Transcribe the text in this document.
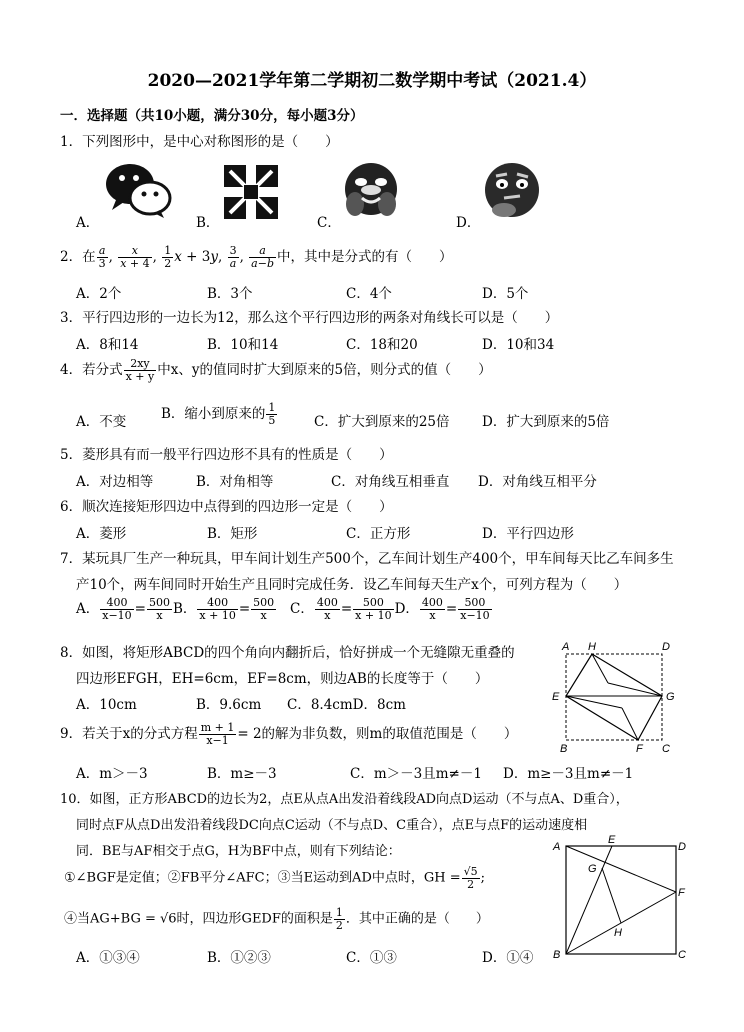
2020—2021学年第二学期初二数学期中考试（2021.4）
一．选择题（共10小题，满分30分，每小题3分）
1．下列图形中，是中心对称图形的是（　　）
A．	B．	C．	D．
2．在 $\frac{a}{3}$ , $\frac{x}{x + 4}$ , $\frac{1}{2}$ x + 3y, $\frac{3}{a}$ , $\frac{a}{a-b}$ 中，其中是分式的有（　　）
A．2个	B．3个	C．4个	D．5个
3．平行四边形的一边长为12，那么这个平行四边形的两条对角线长可以是（　　）
A．8和14	B．10和14	C．18和20	D．10和34
4．若分式 $\frac{2xy}{x + y}$ 中x、y的值同时扩大到原来的5倍，则分式的值（　　）
A．不变	B．缩小到原来的 $\frac{1}{5}$	C．扩大到原来的25倍 D．扩大到原来的5倍
5．菱形具有而一般平行四边形不具有的性质是（　　）
A．对边相等	B．对角相等	C．对角线互相垂直 D．对角线互相平分
6．顺次连接矩形四边中点得到的四边形一定是（　　）
A．菱形	B．矩形	C．正方形	D．平行四边形
7．某玩具厂生产一种玩具，甲车间计划生产500个，乙车间计划生产400个，甲车间每天比乙车间多生
产10个，两车间同时开始生产且同时完成任务．设乙车间每天生产x个，可列方程为（　　）
A． $\frac{400}{x-10} = \frac{500}{x}$ B． $\frac{400}{x + 10} = \frac{500}{x}$ C． $\frac{400}{x} = \frac{500}{x + 10}$ D． $\frac{400}{x} = \frac{500}{x-10}$
8．如图，将矩形ABCD的四个角向内翻折后，恰好拼成一个无缝隙无重叠的
四边形EFGH，EH=6cm，EF=8cm，则边AB的长度等于（　　）
A．10cm	B．9.6cm C．8.4cmD．8cm
A H	D
E	G
B	F C
9．若关于x的分式方程 $\frac{m + 1}{x-1} = 2$的解为非负数，则m的取值范围是（　　）
A．m＞－3	B．m≥－3	C．m＞－3且m≠－1 D．m≥－3且m≠－1
10．如图，正方形ABCD的边长为2，点E从点A出发沿着线段AD向点D运动（不与点A、D重合），
同时点F从点D出发沿着线段DC向点C运动（不与点D、C重合），点E与点F的运动速度相
同．BE与AF相交于点G，H为BF中点，则有下列结论：
①∠BGF是定值；②FB平分∠AFC；③当E运动到AD中点时，GH = $\frac{√5}{2}$ ;
④当AG+BG = √6时，四边形GEDF的面积是 $\frac{1}{2}$ ．其中正确的是（　　）
A．①③④	B．①②③	C．①③	D．①④
A
E
D
G
F
H
B	C
